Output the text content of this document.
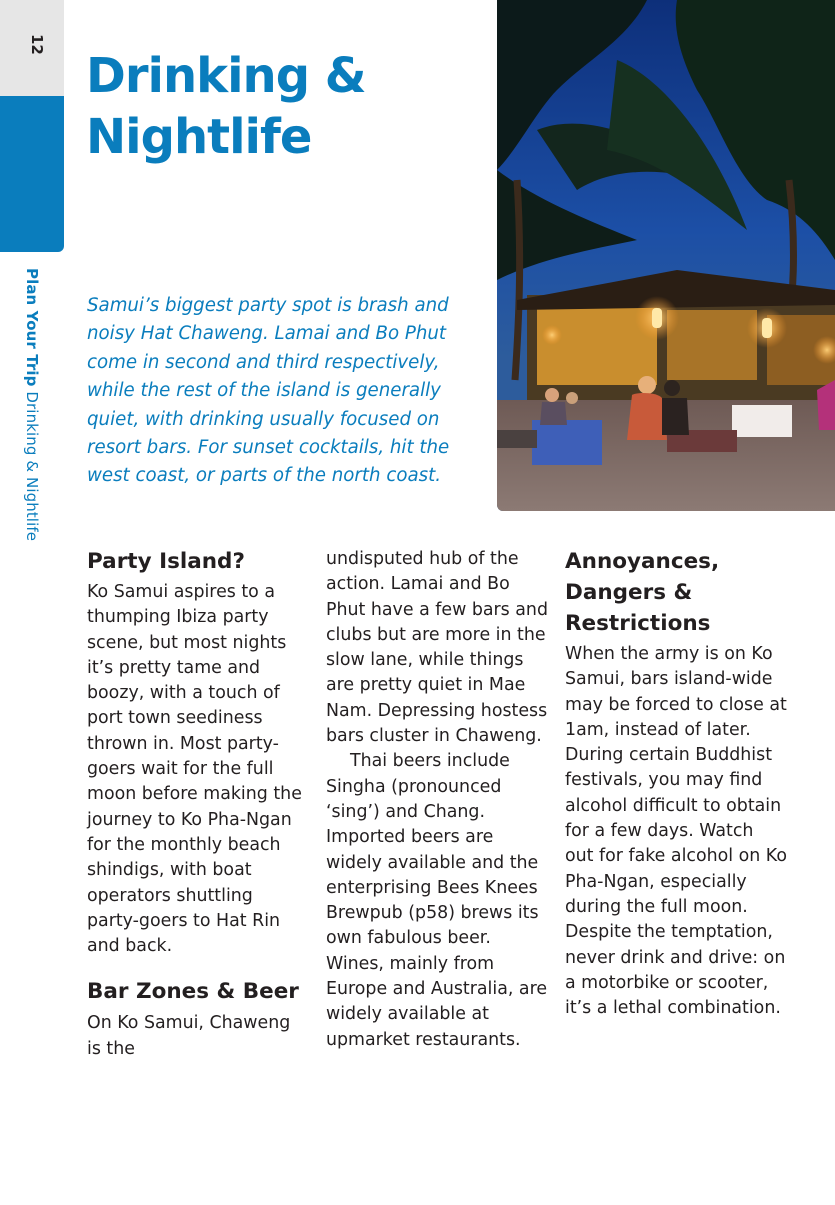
12
Plan Your Trip Drinking & Nightlife
Drinking &
Nightlife

Samui’s biggest party spot is brash and noisy Hat Chaweng. Lamai and Bo Phut come in second and third respectively, while the rest of the island is generally quiet, with drinking usually focused on resort bars. For sunset cocktails, hit the west coast, or parts of the north coast.

Party Island?

Ko Samui aspires to a thumping Ibiza party scene, but most nights it’s pretty tame and boozy, with a touch of port town seediness thrown in. Most party-goers wait for the full moon before making the journey to Ko Pha-Ngan for the monthly beach shindigs, with boat operators shuttling party-goers to Hat Rin and back.

Bar Zones & Beer

On Ko Samui, Chaweng is the

undisputed hub of the action. Lamai and Bo Phut have a few bars and clubs but are more in the slow lane, while things are pretty quiet in Mae Nam. Depressing hostess bars cluster in Chaweng.

Thai beers include Singha (pronounced ‘sing’) and Chang. Imported beers are widely available and the enterprising Bees Knees Brewpub (p58) brews its own fabulous beer. Wines, mainly from Europe and Australia, are widely available at upmarket restaurants.

Annoyances, Dangers & Restrictions

When the army is on Ko Samui, bars island-wide may be forced to close at 1am, instead of later. During certain Buddhist festivals, you may find alcohol difficult to obtain for a few days. Watch out for fake alcohol on Ko Pha-Ngan, especially during the full moon. Despite the temptation, never drink and drive: on a motorbike or scooter, it’s a lethal combination.
